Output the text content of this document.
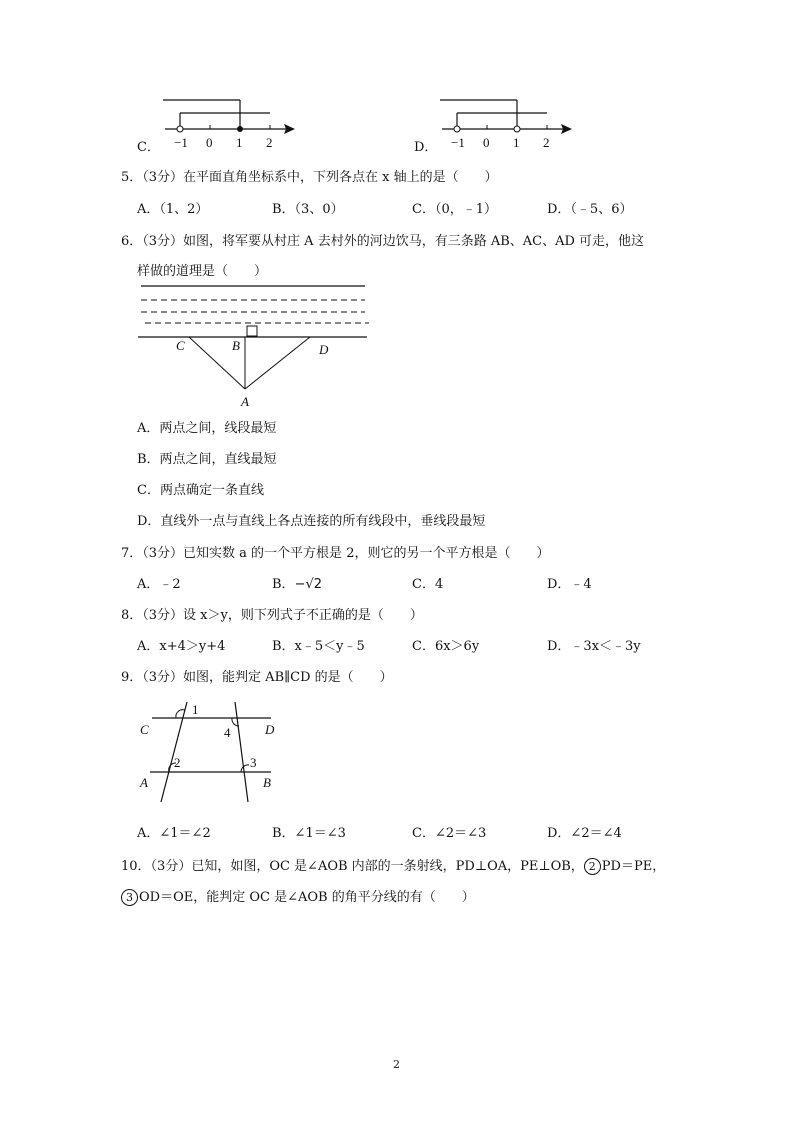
C． −1 0 1 2	D． −1 0 1 2
5．（3分）在平面直角坐标系中，下列各点在 x 轴上的是（　　）
A．（1、2）	B．（3、0）	C．（0，﹣1）	D．（﹣5、6）
6．（3分）如图，将军要从村庄 A 去村外的河边饮马，有三条路 AB、AC、AD 可走，他这
样做的道理是（　　）
C	B	D
A
A．两点之间，线段最短
B．两点之间，直线最短
C．两点确定一条直线
D．直线外一点与直线上各点连接的所有线段中，垂线段最短
7．（3分）已知实数 a 的一个平方根是 2，则它的另一个平方根是（　　）
A．﹣2	B．−√2	C．4	D．﹣4
8．（3分）设 x＞y，则下列式子不正确的是（　　）
A．x+4＞y+4	B．x﹣5＜y﹣5	C．6x＞6y	D．﹣3x＜﹣3y
9．（3分）如图，能判定 AB∥CD 的是（　　）
1
2	3
4
C	D
A	B
A．∠1＝∠2	B．∠1＝∠3	C．∠2＝∠3	D．∠2＝∠4
10．（3分）已知，如图，OC 是∠AOB 内部的一条射线，PD⊥OA，PE⊥OB， 2 PD＝PE，
3 OD＝OE，能判定 OC 是∠AOB 的角平分线的有（　　）
2
